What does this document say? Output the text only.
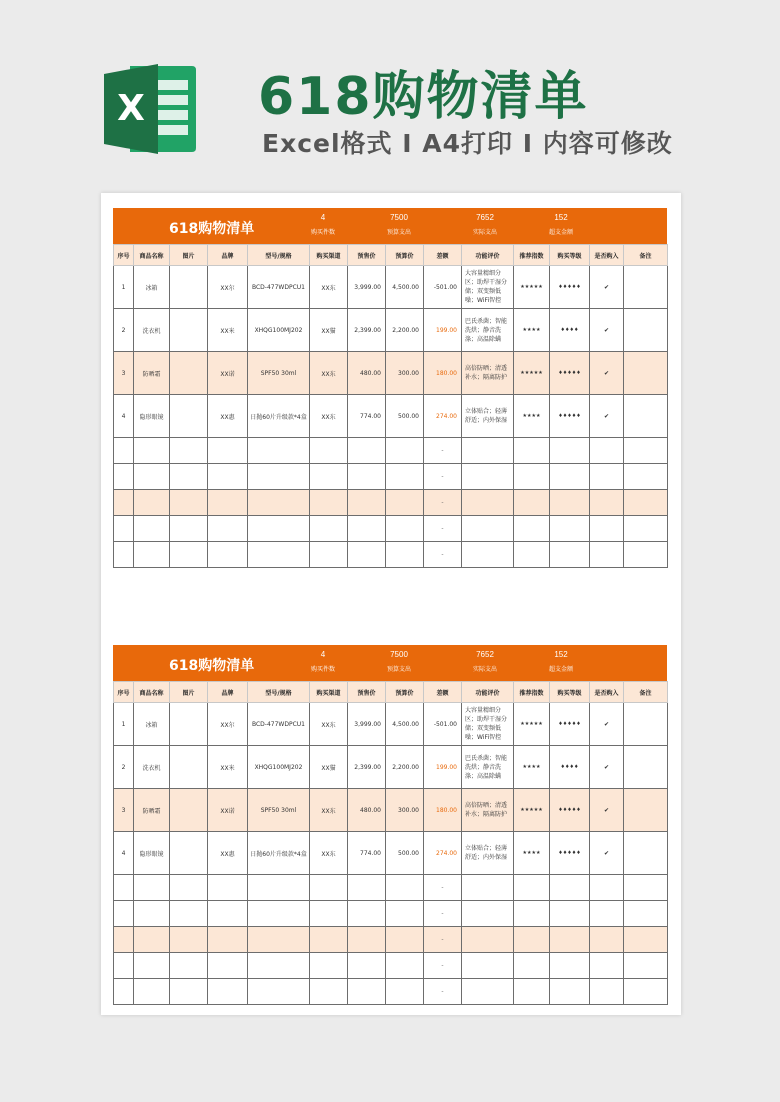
X 618购物清单
Excel格式 I A4打印 I 内容可修改
618购物清单
4
购买件数
7500
预算支出
7652
实际支出
152
超支金额
序号	商品名称	图片	品牌	型号/规格	购买渠道	预售价	预算价	差额	功能评价	推荐指数	购买等级	是否购入	备注
1	冰箱		XX尔	BCD-477WDPCU1	XX东	3,999.00	4,500.00	-501.00	大容量精细分区；助焊干湿分储；双变频低噪；WiFi智控	★★★★★	♦♦♦♦♦	✔	
2	洗衣机		XX米	XHQG100MJ202	XX猫	2,399.00	2,200.00	199.00	巴氏杀菌；智能洗烘；静音洗涤；高温除螨	★★★★	♦♦♦♦	✔	
3	防晒霜		XX诺	SPF50 30ml	XX东	480.00	300.00	180.00	高倍防晒；清透补水；隔离防护	★★★★★	♦♦♦♦♦	✔	
4	隐形眼镜		XX惠	日抛60片升级款*4盒	XX东	774.00	500.00	274.00	立体贴合；轻薄舒适；内外保湿	★★★★	♦♦♦♦♦	✔	
								-					
								-					
								-					
								-					
								-					
618购物清单
4
购买件数
7500
预算支出
7652
实际支出
152
超支金额
序号	商品名称	图片	品牌	型号/规格	购买渠道	预售价	预算价	差额	功能评价	推荐指数	购买等级	是否购入	备注
1	冰箱		XX尔	BCD-477WDPCU1	XX东	3,999.00	4,500.00	-501.00	大容量精细分区；助焊干湿分储；双变频低噪；WiFi智控	★★★★★	♦♦♦♦♦	✔	
2	洗衣机		XX米	XHQG100MJ202	XX猫	2,399.00	2,200.00	199.00	巴氏杀菌；智能洗烘；静音洗涤；高温除螨	★★★★	♦♦♦♦	✔	
3	防晒霜		XX诺	SPF50 30ml	XX东	480.00	300.00	180.00	高倍防晒；清透补水；隔离防护	★★★★★	♦♦♦♦♦	✔	
4	隐形眼镜		XX惠	日抛60片升级款*4盒	XX东	774.00	500.00	274.00	立体贴合；轻薄舒适；内外保湿	★★★★	♦♦♦♦♦	✔	
								-					
								-					
								-					
								-					
								-					
